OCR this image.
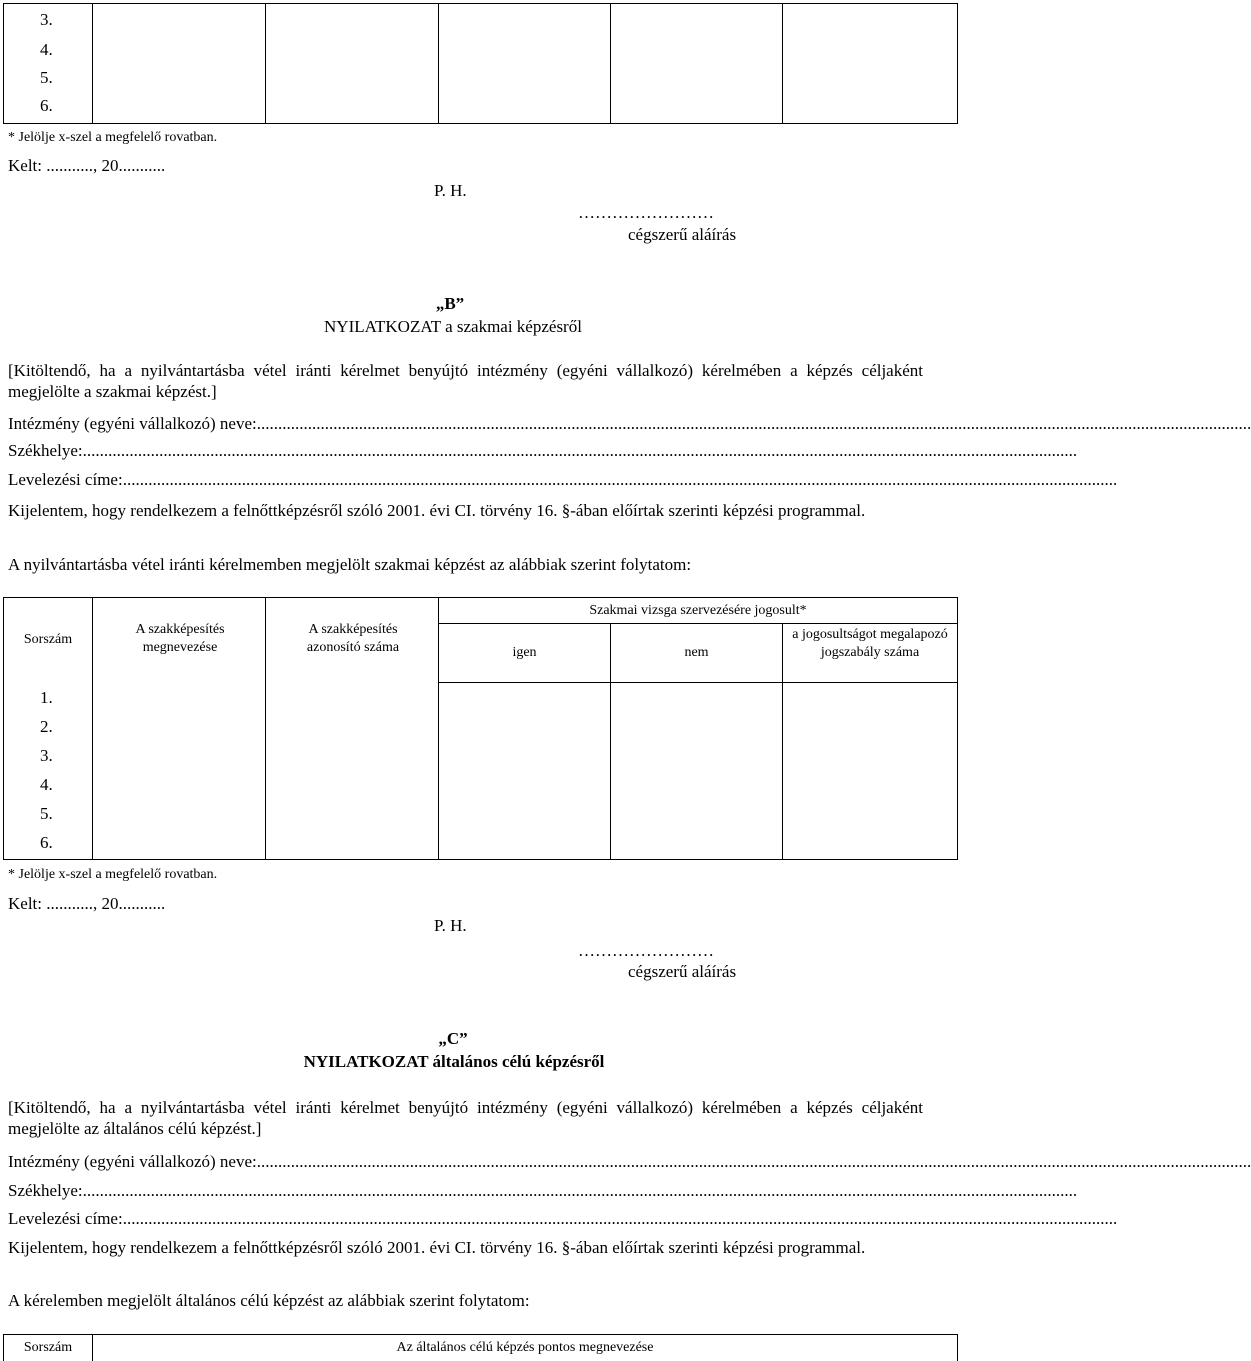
3.
4.
5.
6.
* Jelölje x-szel a megfelelő rovatban.
Kelt: ..........., 20...........
P. H.
……………………
cégszerű aláírás
„B”
NYILATKOZAT a szakmai képzésről
[Kitöltendő, ha a nyilvántartásba vétel iránti kérelmet benyújtó intézmény (egyéni vállalkozó) kérelmében a képzés céljaként megjelölte a szakmai képzést.]
Intézmény (egyéni vállalkozó) neve: ..........................................................................................................................................................................................................................................
Székhelye: ..........................................................................................................................................................................................................................................
Levelezési címe: ..........................................................................................................................................................................................................................................
Kijelentem, hogy rendelkezem a felnőttképzésről szóló 2001. évi CI. törvény 16. §-ában előírtak szerinti képzési programmal.
A nyilvántartásba vétel iránti kérelmemben megjelölt szakmai képzést az alábbiak szerint folytatom:
Sorszám
A szakképesítés megnevezése
A szakképesítés azonosító száma
Szakmai vizsga szervezésére jogosult*
igen	nem
a jogosultságot megalapozó jogszabály száma
1.
2.
3.
4.
5.
6.
* Jelölje x-szel a megfelelő rovatban.
Kelt: ..........., 20...........
P. H.
……………………
cégszerű aláírás
„C”
NYILATKOZAT általános célú képzésről
[Kitöltendő, ha a nyilvántartásba vétel iránti kérelmet benyújtó intézmény (egyéni vállalkozó) kérelmében a képzés céljaként megjelölte az általános célú képzést.]
Intézmény (egyéni vállalkozó) neve: ..........................................................................................................................................................................................................................................
Székhelye: ..........................................................................................................................................................................................................................................
Levelezési címe: ..........................................................................................................................................................................................................................................
Kijelentem, hogy rendelkezem a felnőttképzésről szóló 2001. évi CI. törvény 16. §-ában előírtak szerinti képzési programmal.
A kérelemben megjelölt általános célú képzést az alábbiak szerint folytatom:
Sorszám	Az általános célú képzés pontos megnevezése
